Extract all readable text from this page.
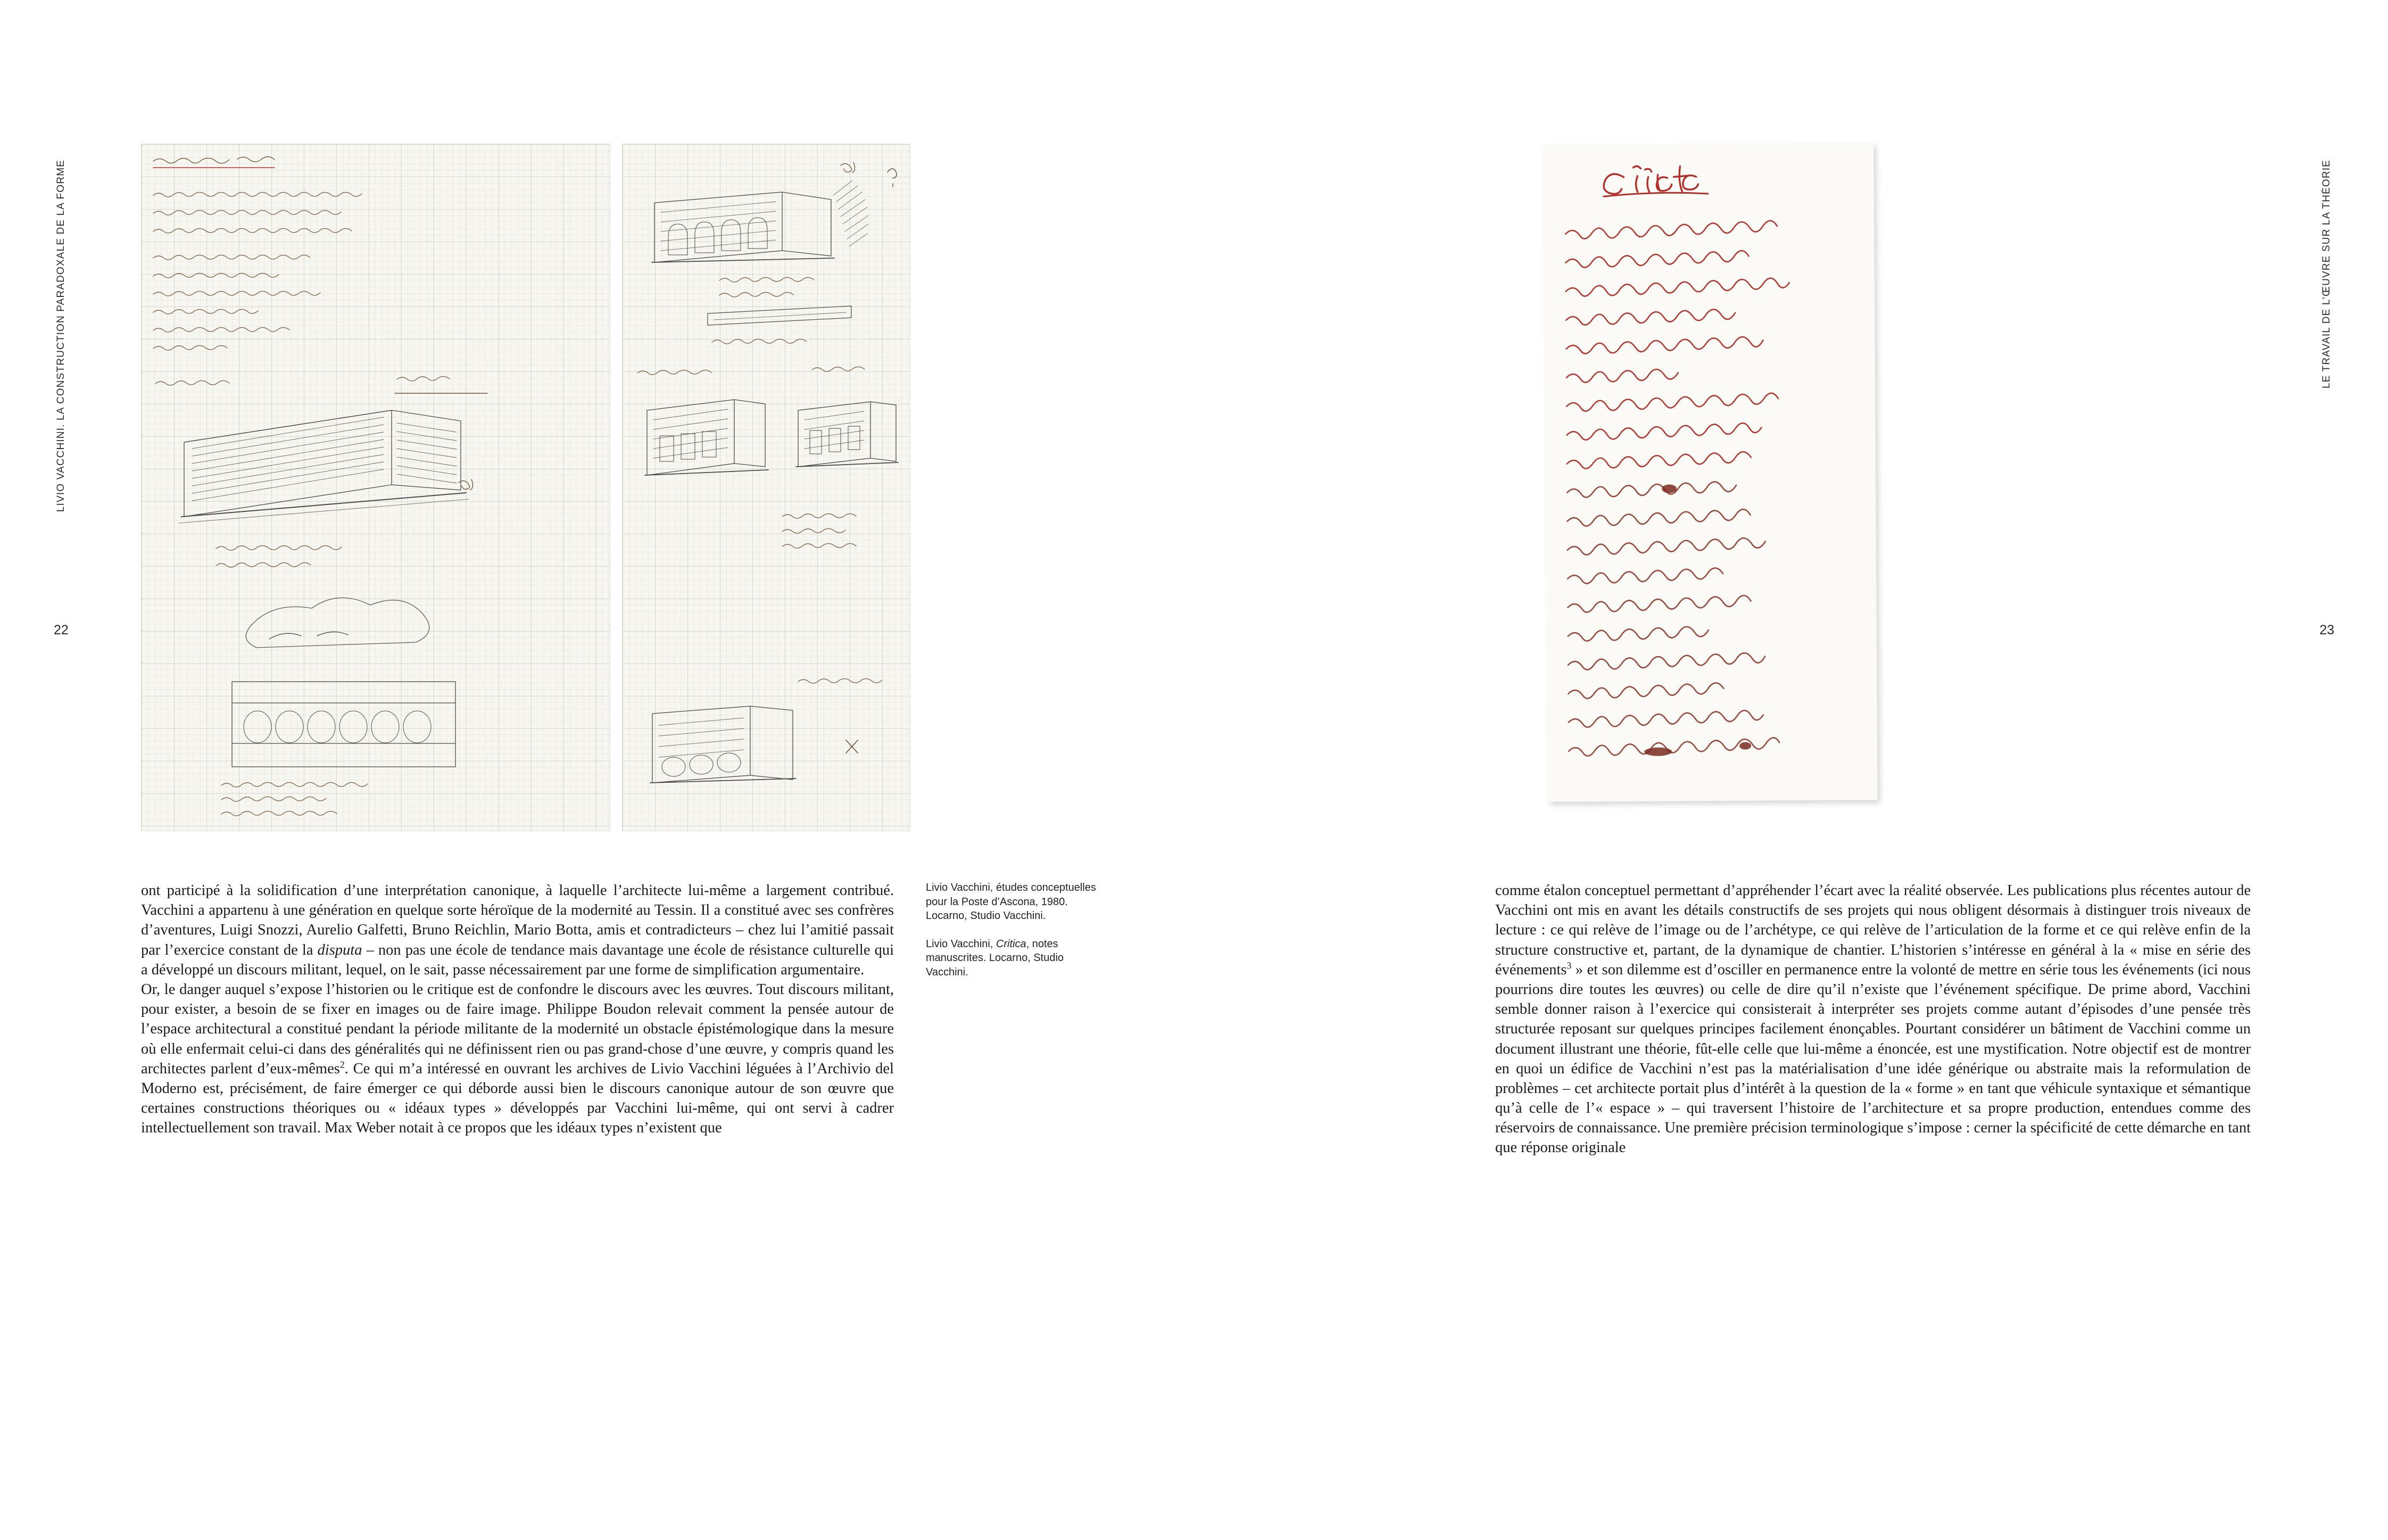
LIVIO VACCHINI. LA CONSTRUCTION PARADOXALE DE LA FORME
22

ont participé à la solidification d’une interprétation canonique, à laquelle l’architecte lui-même a largement contribué. Vacchini a appartenu à une génération en quelque sorte héroïque de la modernité au Tessin. Il a constitué avec ses confrères d’aventures, Luigi Snozzi, Aurelio Galfetti, Bruno Reichlin, Mario Botta, amis et contradicteurs – chez lui l’amitié passait par l’exercice constant de la disputa – non pas une école de tendance mais davantage une école de résistance culturelle qui a développé un discours militant, lequel, on le sait, passe nécessairement par une forme de simplification argumentaire.

Or, le danger auquel s’expose l’historien ou le critique est de confondre le discours avec les œuvres. Tout discours militant, pour exister, a besoin de se fixer en images ou de faire image. Philippe Boudon relevait comment la pensée autour de l’espace architectural a constitué pendant la période militante de la modernité un obstacle épistémologique dans la mesure où elle enfermait celui-ci dans des généralités qui ne définissent rien ou pas grand-chose d’une œuvre, y compris quand les architectes parlent d’eux-mêmes$^2$. Ce qui m’a intéressé en ouvrant les archives de Livio Vacchini léguées à l’Archivio del Moderno est, précisément, de faire émerger ce qui déborde aussi bien le discours canonique autour de son œuvre que certaines constructions théoriques ou « idéaux types » développés par Vacchini lui-même, qui ont servi à cadrer intellectuellement son travail. Max Weber notait à ce propos que les idéaux types n’existent que

Livio Vacchini, études conceptuelles pour la Poste d’Ascona, 1980. Locarno, Studio Vacchini.

Livio Vacchini, Critica, notes manuscrites. Locarno, Studio Vacchini.

LE TRAVAIL DE L’ŒUVRE SUR LA THÉORIE
23

comme étalon conceptuel permettant d’appréhender l’écart avec la réalité observée. Les publications plus récentes autour de Vacchini ont mis en avant les détails constructifs de ses projets qui nous obligent désormais à distinguer trois niveaux de lecture : ce qui relève de l’image ou de l’archétype, ce qui relève de l’articulation de la forme et ce qui relève enfin de la structure constructive et, partant, de la dynamique de chantier. L’historien s’intéresse en général à la « mise en série des événements$^3$ » et son dilemme est d’osciller en permanence entre la volonté de mettre en série tous les événements (ici nous pourrions dire toutes les œuvres) ou celle de dire qu’il n’existe que l’événement spécifique. De prime abord, Vacchini semble donner raison à l’exercice qui consisterait à interpréter ses projets comme autant d’épisodes d’une pensée très structurée reposant sur quelques principes facilement énonçables. Pourtant considérer un bâtiment de Vacchini comme un document illustrant une théorie, fût-elle celle que lui-même a énoncée, est une mystification. Notre objectif est de montrer en quoi un édifice de Vacchini n’est pas la matérialisation d’une idée générique ou abstraite mais la reformulation de problèmes – cet architecte portait plus d’intérêt à la question de la « forme » en tant que véhicule syntaxique et sémantique qu’à celle de l’« espace » – qui traversent l’histoire de l’architecture et sa propre production, entendues comme des réservoirs de connaissance. Une première précision terminologique s’impose : cerner la spécificité de cette démarche en tant que réponse originale
